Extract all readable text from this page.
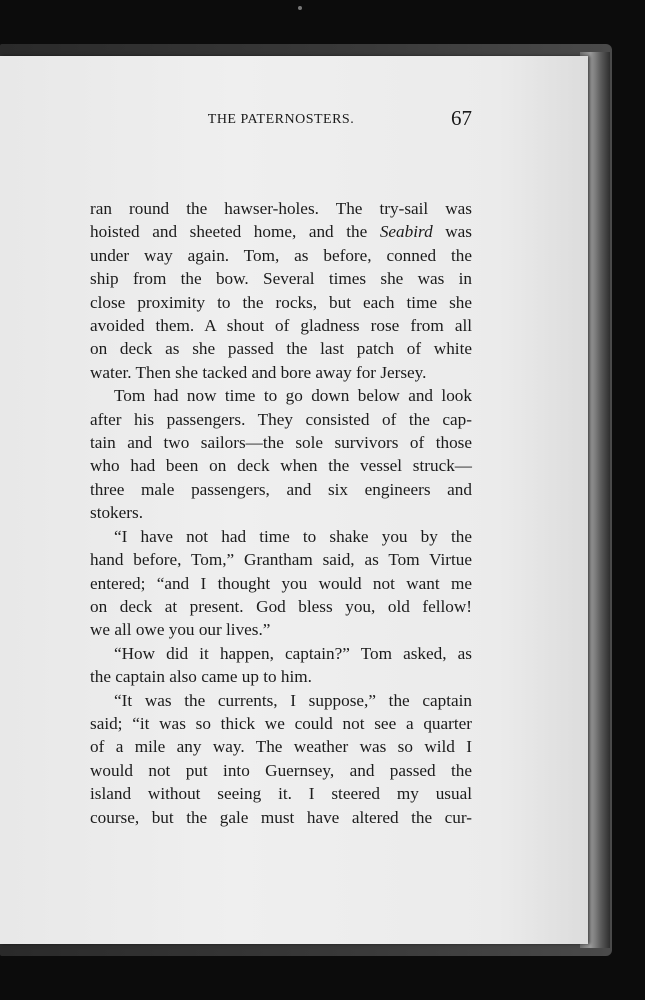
THE PATERNOSTERS.	67

ran round the hawser-holes. The try-sail was
hoisted and sheeted home, and the Seabird was
under way again. Tom, as before, conned the
ship from the bow. Several times she was in
close proximity to the rocks, but each time she
avoided them. A shout of gladness rose from all
on deck as she passed the last patch of white
water. Then she tacked and bore away for Jersey.

Tom had now time to go down below and look
after his passengers. They consisted of the cap-
tain and two sailors—the sole survivors of those
who had been on deck when the vessel struck—
three male passengers, and six engineers and
stokers.

“I have not had time to shake you by the
hand before, Tom,” Grantham said, as Tom Virtue
entered; “and I thought you would not want me
on deck at present. God bless you, old fellow!
we all owe you our lives.”

“How did it happen, captain?” Tom asked, as
the captain also came up to him.

“It was the currents, I suppose,” the captain
said; “it was so thick we could not see a quarter
of a mile any way. The weather was so wild I
would not put into Guernsey, and passed the
island without seeing it. I steered my usual
course, but the gale must have altered the cur-
